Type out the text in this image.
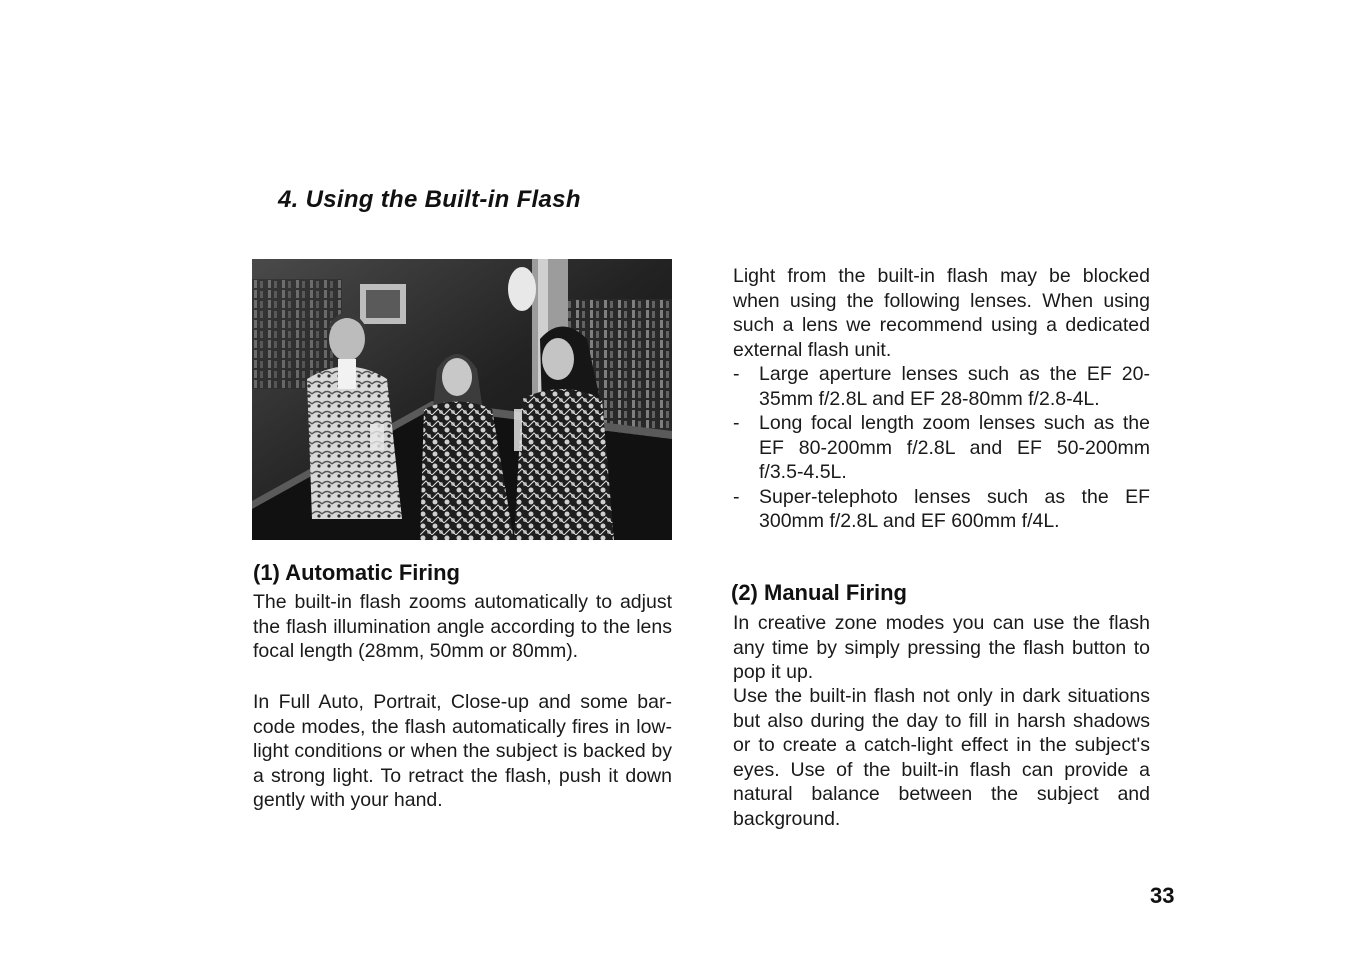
4. Using the Built-in Flash
(1) Automatic Firing

The built-in flash zooms automatically to adjust the flash illumination angle according to the lens focal length (28mm, 50mm or 80mm).

In Full Auto, Portrait, Close-up and some bar-code modes, the flash automatically fires in low-light conditions or when the subject is backed by a strong light. To retract the flash, push it down gently with your hand.

Light from the built-in flash may be blocked when using the following lenses. When using such a lens we recommend using a dedicated external flash unit.

- Large aperture lenses such as the EF 20-35mm f/2.8L and EF 28-80mm f/2.8-4L.
- Long focal length zoom lenses such as the EF 80-200mm f/2.8L and EF 50-200mm f/3.5-4.5L.
- Super-telephoto lenses such as the EF 300mm f/2.8L and EF 600mm f/4L.
(2) Manual Firing

In creative zone modes you can use the flash any time by simply pressing the flash button to pop it up.

Use the built-in flash not only in dark situations but also during the day to fill in harsh shadows or to create a catch-light effect in the subject's eyes. Use of the built-in flash can provide a natural balance between the subject and background.

33
